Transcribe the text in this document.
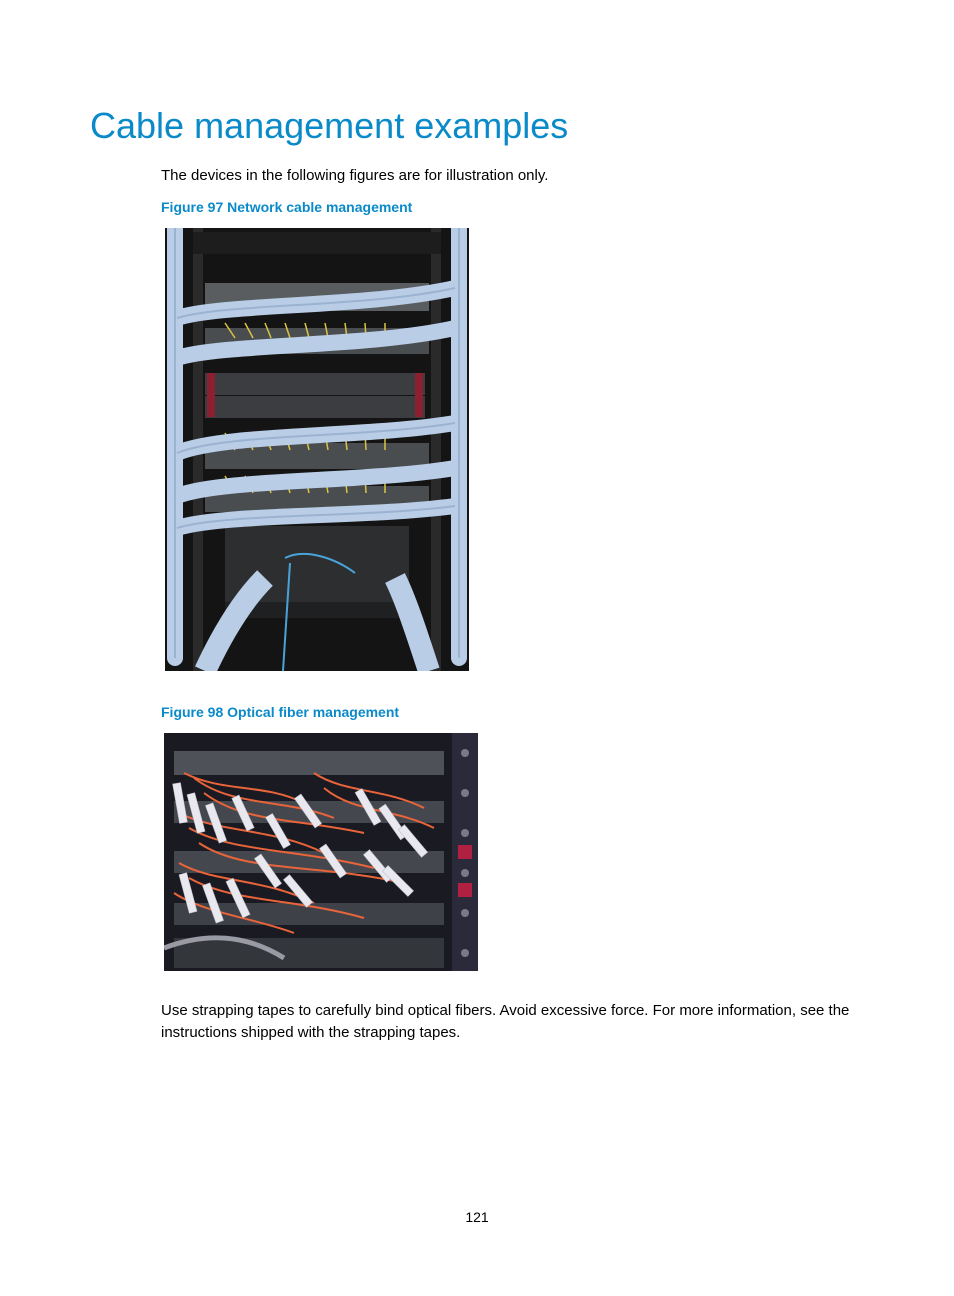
Cable management examples

The devices in the following figures are for illustration only.

Figure 97 Network cable management

Figure 98 Optical fiber management

Use strapping tapes to carefully bind optical fibers. Avoid excessive force. For more information, see the instructions shipped with the strapping tapes.

121
